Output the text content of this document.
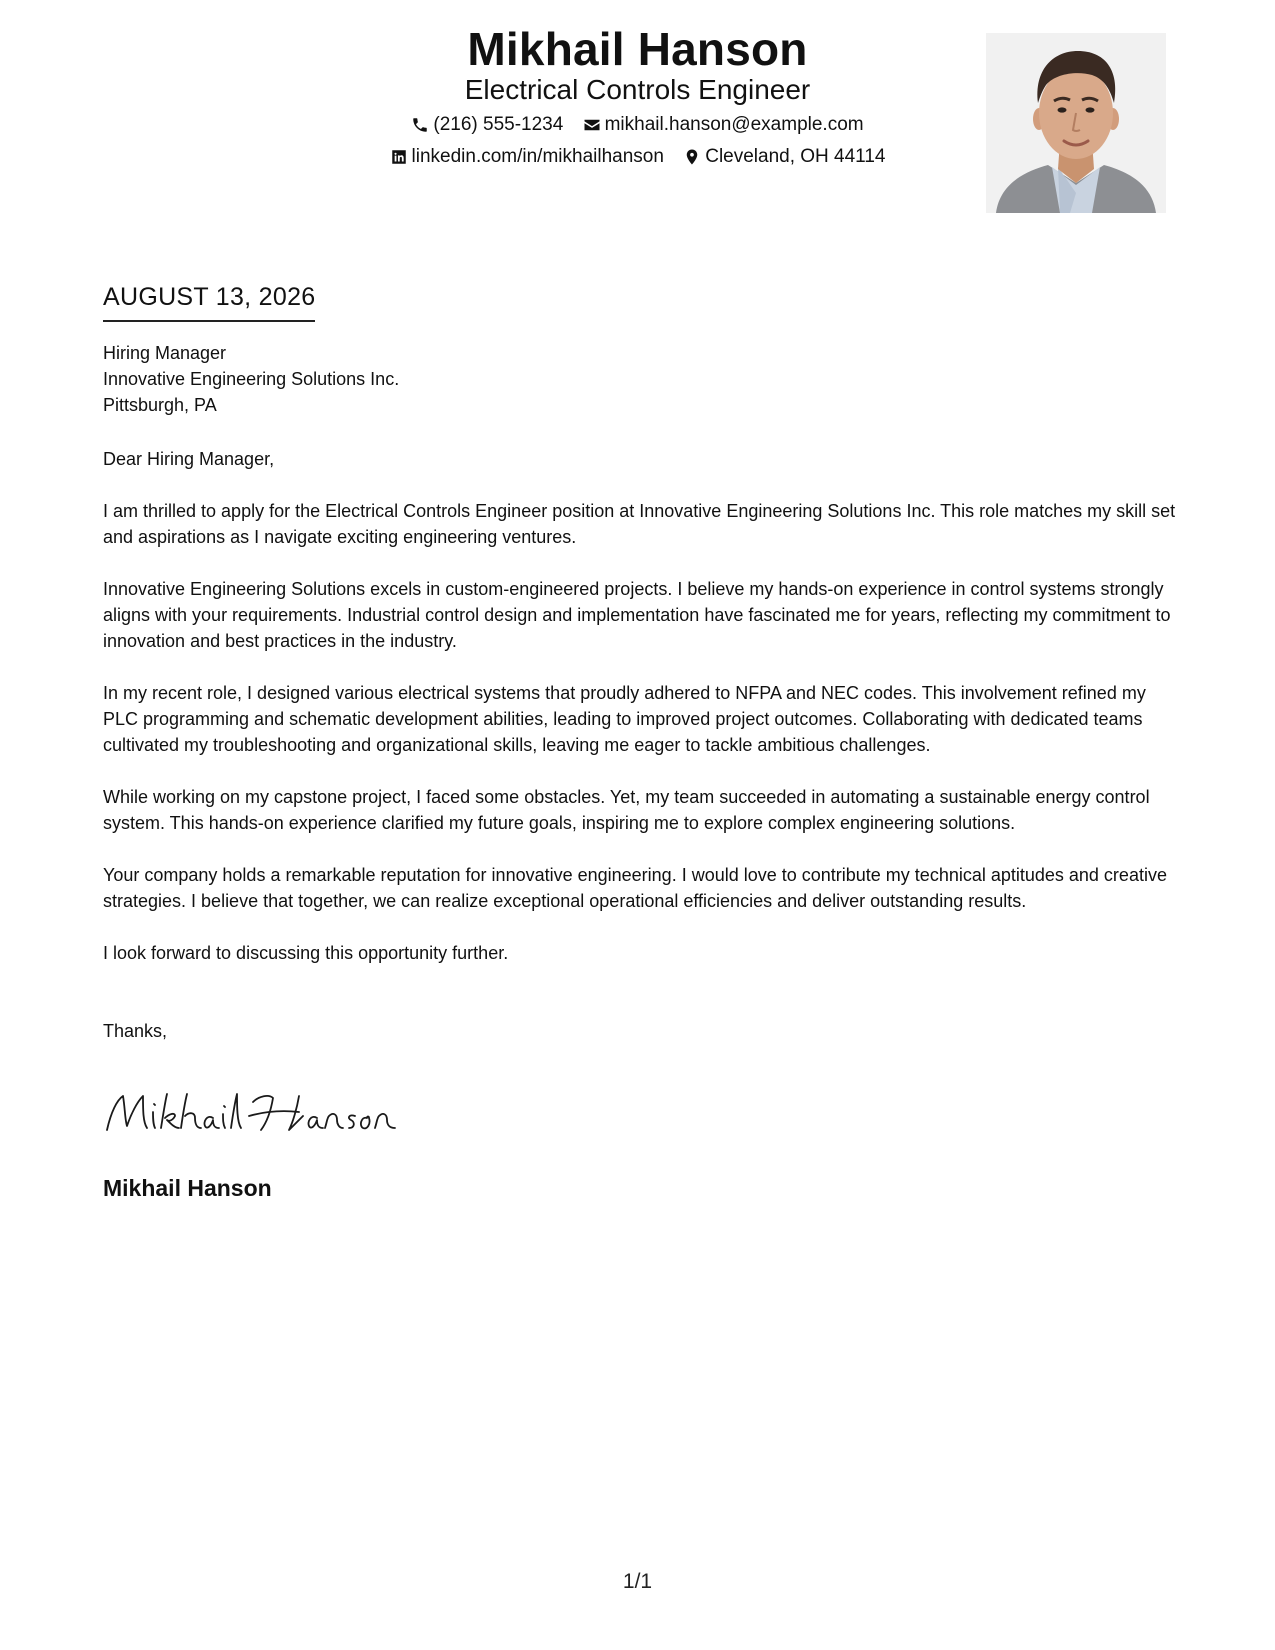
Mikhail Hanson
Electrical Controls Engineer
(216) 555-1234
mikhail.hanson@example.com
linkedin.com/in/mikhailhanson
Cleveland, OH 44114
AUGUST 13, 2026
Hiring Manager
Innovative Engineering Solutions Inc.
Pittsburgh, PA
Dear Hiring Manager,
I am thrilled to apply for the Electrical Controls Engineer position at Innovative Engineering Solutions Inc. This role matches my skill set and aspirations as I navigate exciting engineering ventures.
Innovative Engineering Solutions excels in custom-engineered projects. I believe my hands-on experience in control systems strongly aligns with your requirements. Industrial control design and implementation have fascinated me for years, reflecting my commitment to innovation and best practices in the industry.
In my recent role, I designed various electrical systems that proudly adhered to NFPA and NEC codes. This involvement refined my PLC programming and schematic development abilities, leading to improved project outcomes. Collaborating with dedicated teams cultivated my troubleshooting and organizational skills, leaving me eager to tackle ambitious challenges.
While working on my capstone project, I faced some obstacles. Yet, my team succeeded in automating a sustainable energy control system. This hands-on experience clarified my future goals, inspiring me to explore complex engineering solutions.
Your company holds a remarkable reputation for innovative engineering. I would love to contribute my technical aptitudes and creative strategies. I believe that together, we can realize exceptional operational efficiencies and deliver outstanding results.
I look forward to discussing this opportunity further.
Thanks,
Mikhail Hanson
1/1
